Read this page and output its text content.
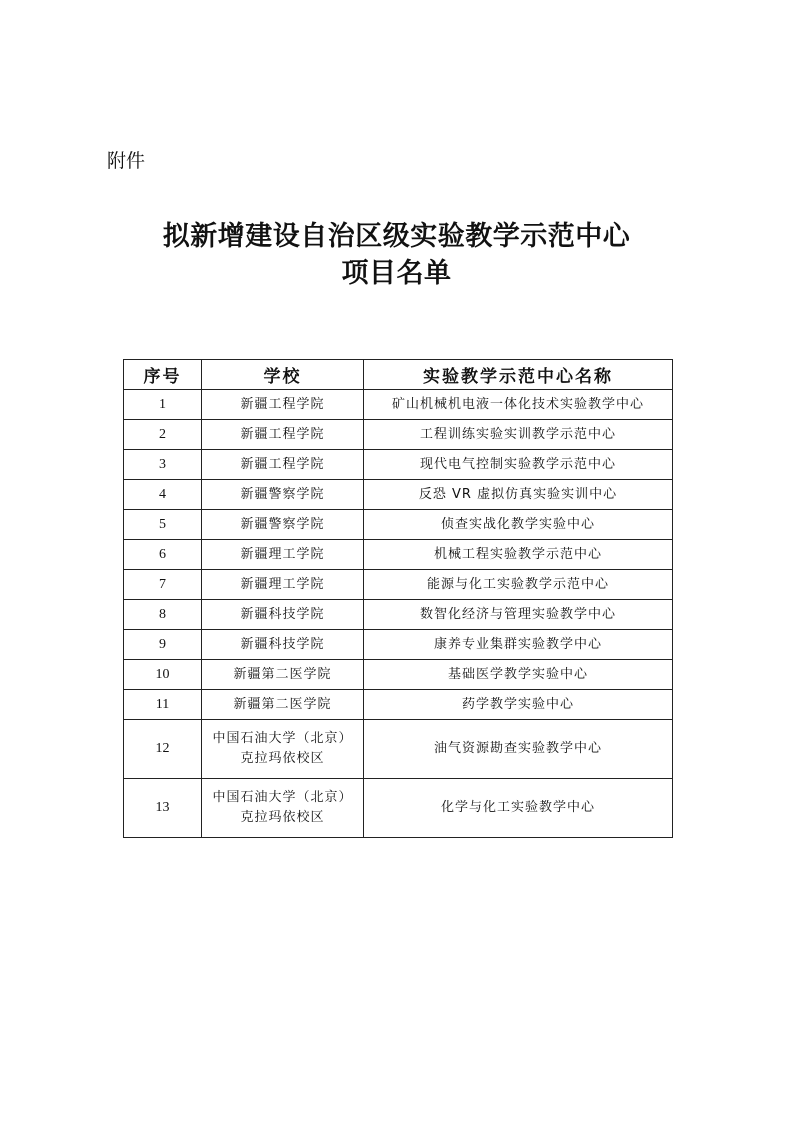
附件

拟新增建设自治区级实验教学示范中心
项目名单
序号	学校	实验教学示范中心名称
1	新疆工程学院	矿山机械机电液一体化技术实验教学中心
2	新疆工程学院	工程训练实验实训教学示范中心
3	新疆工程学院	现代电气控制实验教学示范中心
4	新疆警察学院	反恐 VR 虚拟仿真实验实训中心
5	新疆警察学院	侦查实战化教学实验中心
6	新疆理工学院	机械工程实验教学示范中心
7	新疆理工学院	能源与化工实验教学示范中心
8	新疆科技学院	数智化经济与管理实验教学中心
9	新疆科技学院	康养专业集群实验教学中心
10	新疆第二医学院	基础医学教学实验中心
11	新疆第二医学院	药学教学实验中心
12	中国石油大学（北京）
克拉玛依校区	油气资源勘查实验教学中心
13	中国石油大学（北京）
克拉玛依校区	化学与化工实验教学中心
